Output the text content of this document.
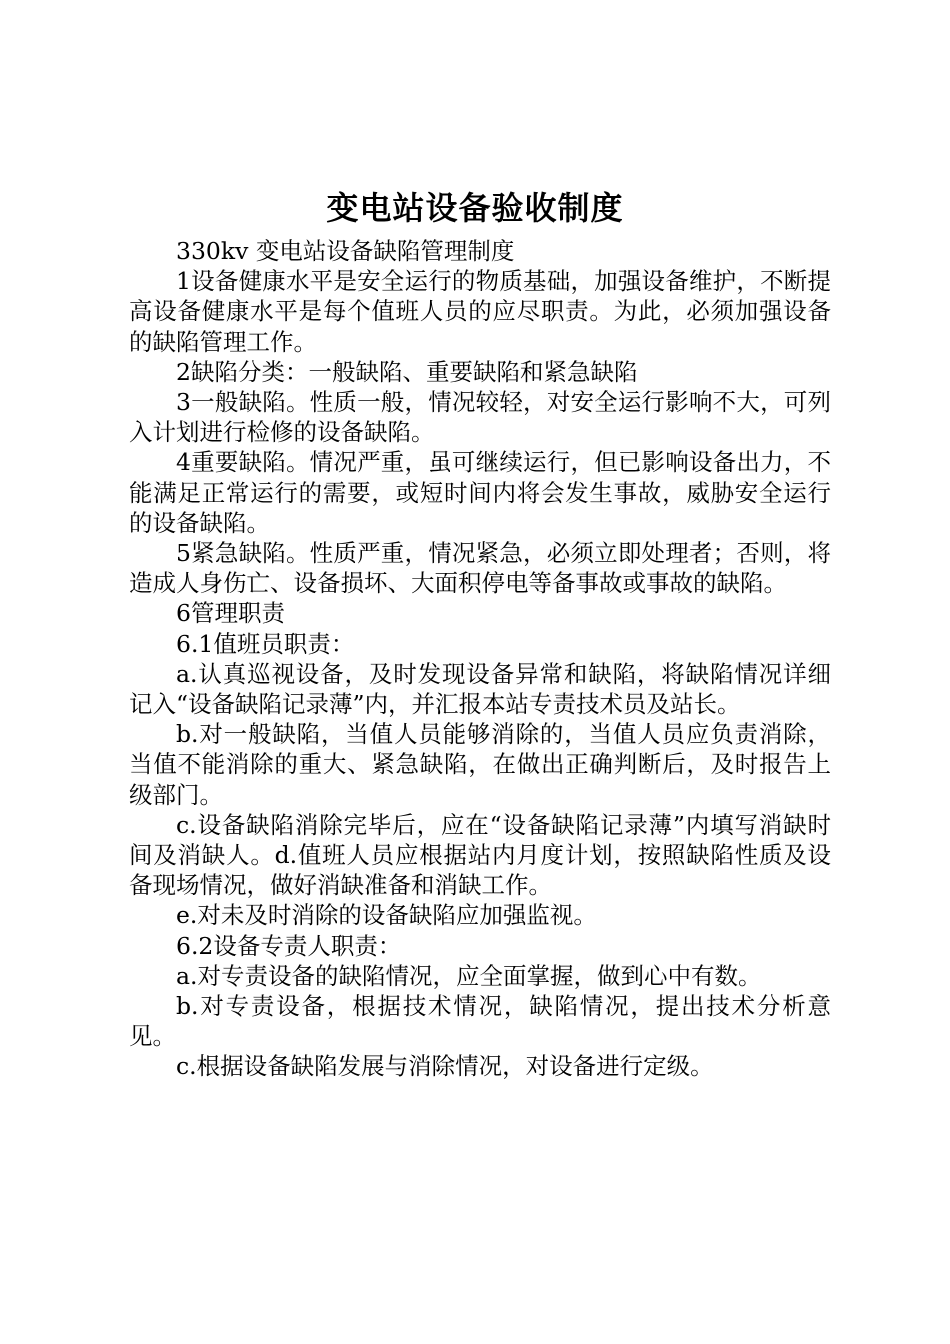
变电站设备验收制度

330kv 变电站设备缺陷管理制度

1设备健康水平是安全运行的物质基础，加强设备维护，不断提高设备健康水平是每个值班人员的应尽职责。为此，必须加强设备的缺陷管理工作。

2缺陷分类：一般缺陷、重要缺陷和紧急缺陷

3一般缺陷。性质一般，情况较轻，对安全运行影响不大，可列入计划进行检修的设备缺陷。

4重要缺陷。情况严重，虽可继续运行，但已影响设备出力，不能满足正常运行的需要，或短时间内将会发生事故，威胁安全运行的设备缺陷。

5紧急缺陷。性质严重，情况紧急，必须立即处理者；否则，将造成人身伤亡、设备损坏、大面积停电等备事故或事故的缺陷。

6管理职责

6.1值班员职责：

a.认真巡视设备，及时发现设备异常和缺陷，将缺陷情况详细记入“设备缺陷记录薄”内，并汇报本站专责技术员及站长。

b.对一般缺陷，当值人员能够消除的，当值人员应负责消除，当值不能消除的重大、紧急缺陷，在做出正确判断后，及时报告上级部门。

c.设备缺陷消除完毕后，应在“设备缺陷记录薄”内填写消缺时间及消缺人。d.值班人员应根据站内月度计划，按照缺陷性质及设备现场情况，做好消缺准备和消缺工作。

e.对未及时消除的设备缺陷应加强监视。

6.2设备专责人职责：

a.对专责设备的缺陷情况，应全面掌握，做到心中有数。

b.对专责设备，根据技术情况，缺陷情况，提出技术分析意见。

c.根据设备缺陷发展与消除情况，对设备进行定级。
